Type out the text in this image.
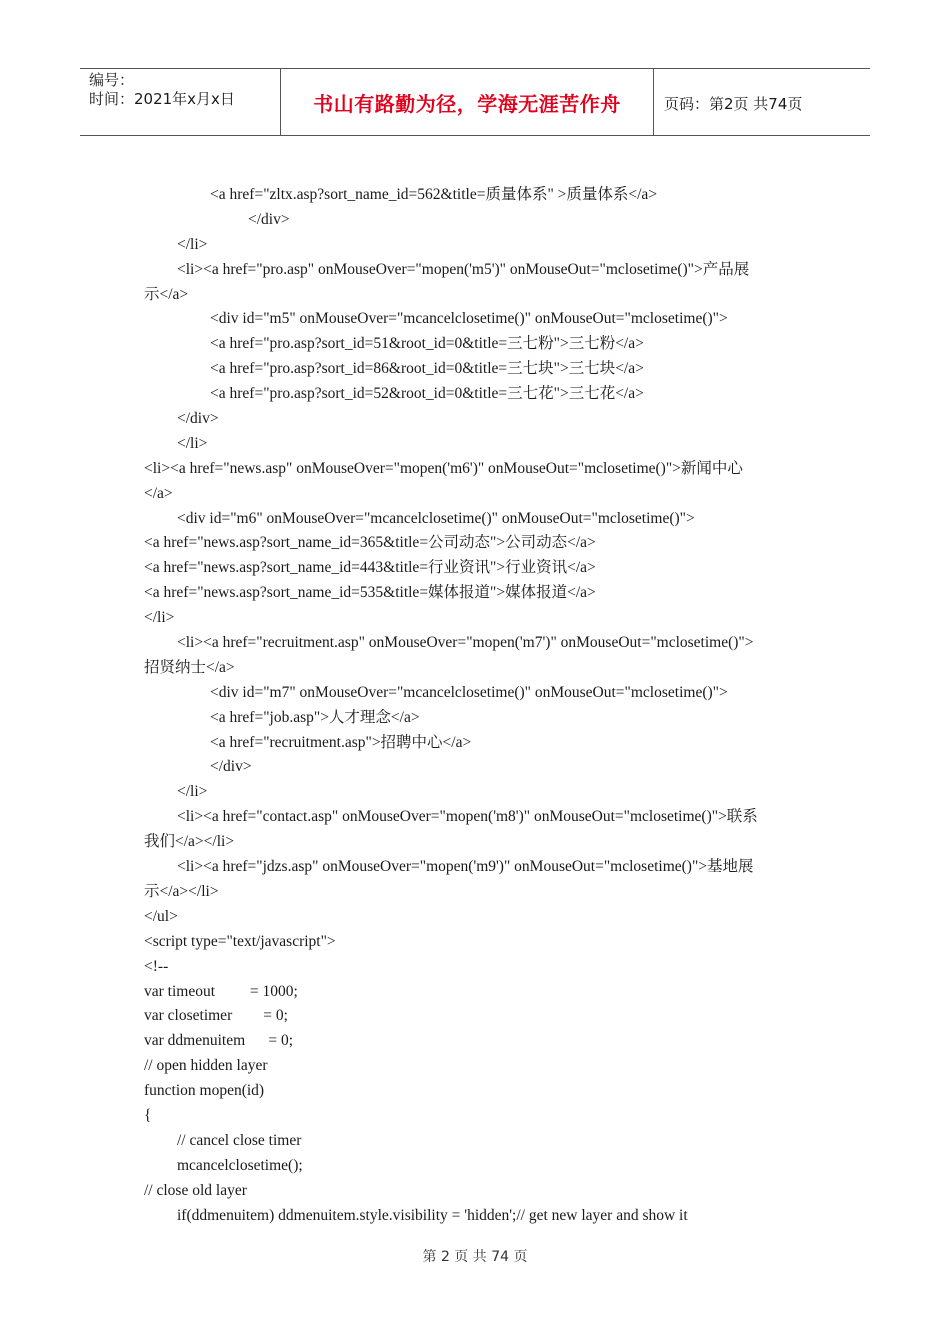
编号：
时间：2021年x月x日	书山有路勤为径，学海无涯苦作舟	页码：第2页 共74页
<a href="zltx.asp?sort_name_id=562&title=质量体系" >质量体系</a>
</div>
</li>
<li><a href="pro.asp" onMouseOver="mopen('m5')" onMouseOut="mclosetime()">产品展
示</a>
<div id="m5" onMouseOver="mcancelclosetime()" onMouseOut="mclosetime()">
<a href="pro.asp?sort_id=51&root_id=0&title=三七粉">三七粉</a>
<a href="pro.asp?sort_id=86&root_id=0&title=三七块">三七块</a>
<a href="pro.asp?sort_id=52&root_id=0&title=三七花">三七花</a>
</div>
</li>
<li><a href="news.asp" onMouseOver="mopen('m6')" onMouseOut="mclosetime()">新闻中心
</a>
<div id="m6" onMouseOver="mcancelclosetime()" onMouseOut="mclosetime()">
<a href="news.asp?sort_name_id=365&title=公司动态">公司动态</a>
<a href="news.asp?sort_name_id=443&title=行业资讯">行业资讯</a>
<a href="news.asp?sort_name_id=535&title=媒体报道">媒体报道</a>
</li>
<li><a href="recruitment.asp" onMouseOver="mopen('m7')" onMouseOut="mclosetime()">
招贤纳士</a>
<div id="m7" onMouseOver="mcancelclosetime()" onMouseOut="mclosetime()">
<a href="job.asp">人才理念</a>
<a href="recruitment.asp">招聘中心</a>
</div>
</li>
<li><a href="contact.asp" onMouseOver="mopen('m8')" onMouseOut="mclosetime()">联系
我们</a></li>
<li><a href="jdzs.asp" onMouseOver="mopen('m9')" onMouseOut="mclosetime()">基地展
示</a></li>
</ul>
<script type="text/javascript">
<!--
var timeout         = 1000;
var closetimer        = 0;
var ddmenuitem      = 0;
// open hidden layer
function mopen(id)
{
// cancel close timer
mcancelclosetime();
// close old layer
if(ddmenuitem) ddmenuitem.style.visibility = 'hidden';// get new layer and show it
第 2 页 共 74 页
